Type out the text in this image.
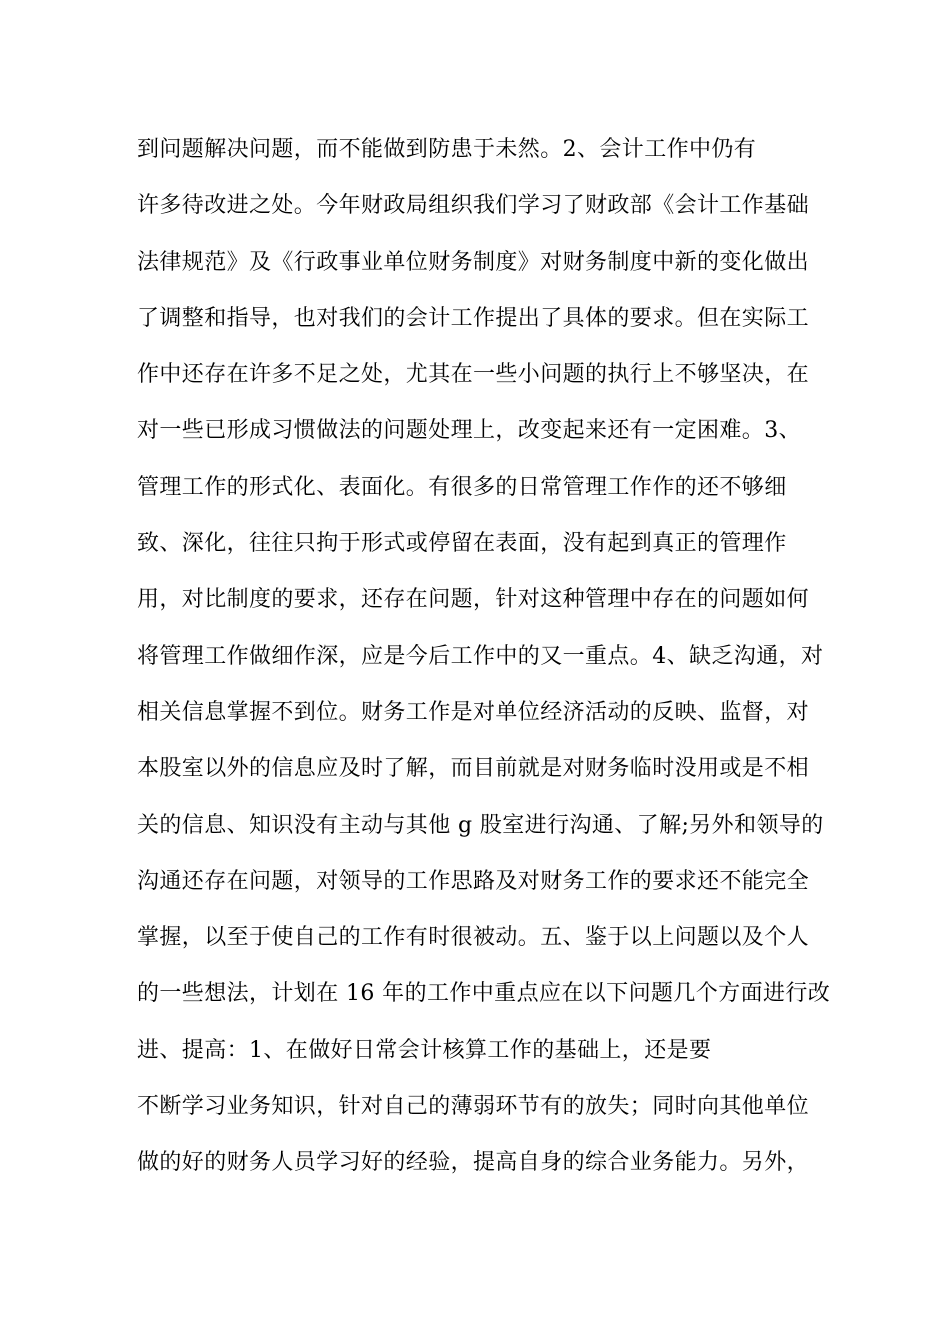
到问题解决问题，而不能做到防患于未然。2、会计工作中仍有
许多待改进之处。今年财政局组织我们学习了财政部《会计工作基础
法律规范》及《行政事业单位财务制度》对财务制度中新的变化做出
了调整和指导，也对我们的会计工作提出了具体的要求。但在实际工
作中还存在许多不足之处，尤其在一些小问题的执行上不够坚决，在
对一些已形成习惯做法的问题处理上，改变起来还有一定困难。3、
管理工作的形式化、表面化。有很多的日常管理工作作的还不够细
致、深化，往往只拘于形式或停留在表面，没有起到真正的管理作
用，对比制度的要求，还存在问题，针对这种管理中存在的问题如何
将管理工作做细作深，应是今后工作中的又一重点。4、缺乏沟通，对
相关信息掌握不到位。财务工作是对单位经济活动的反映、监督，对
本股室以外的信息应及时了解，而目前就是对财务临时没用或是不相
关的信息、知识没有主动与其他 g 股室进行沟通、了解;另外和领导的
沟通还存在问题，对领导的工作思路及对财务工作的要求还不能完全
掌握，以至于使自己的工作有时很被动。五、鉴于以上问题以及个人
的一些想法，计划在 16 年的工作中重点应在以下问题几个方面进行改
进、提高：1、在做好日常会计核算工作的基础上，还是要
不断学习业务知识，针对自己的薄弱环节有的放失；同时向其他单位
做的好的财务人员学习好的经验，提高自身的综合业务能力。另外，
